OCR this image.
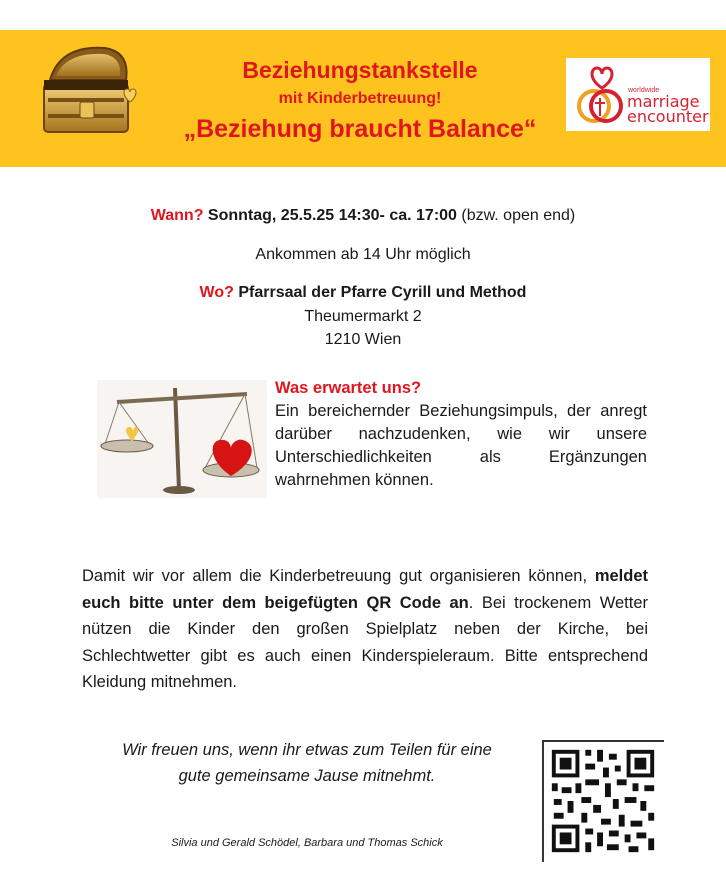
Beziehungstankstelle
mit Kinderbetreuung!
„Beziehung braucht Balance“
worldwide
marriage
encounter
Wann? Sonntag, 25.5.25 14:30- ca. 17:00 (bzw. open end)
Ankommen ab 14 Uhr möglich
Wo? Pfarrsaal der Pfarre Cyrill und Method
Theumermarkt 2
1210 Wien
Was erwartet uns?
Ein bereichernder Beziehungsimpuls, der anregt darüber nachzudenken, wie wir unsere Unterschiedlichkeiten als Ergänzungen wahrnehmen können.
Damit wir vor allem die Kinderbetreuung gut organisieren können, meldet euch bitte unter dem beigefügten QR Code an. Bei trockenem Wetter nützen die Kinder den großen Spielplatz neben der Kirche, bei Schlechtwetter gibt es auch einen Kinderspieleraum. Bitte entsprechend Kleidung mitnehmen.
Wir freuen uns, wenn ihr etwas zum Teilen für eine
gute gemeinsame Jause mitnehmt.
Silvia und Gerald Schödel, Barbara und Thomas Schick
